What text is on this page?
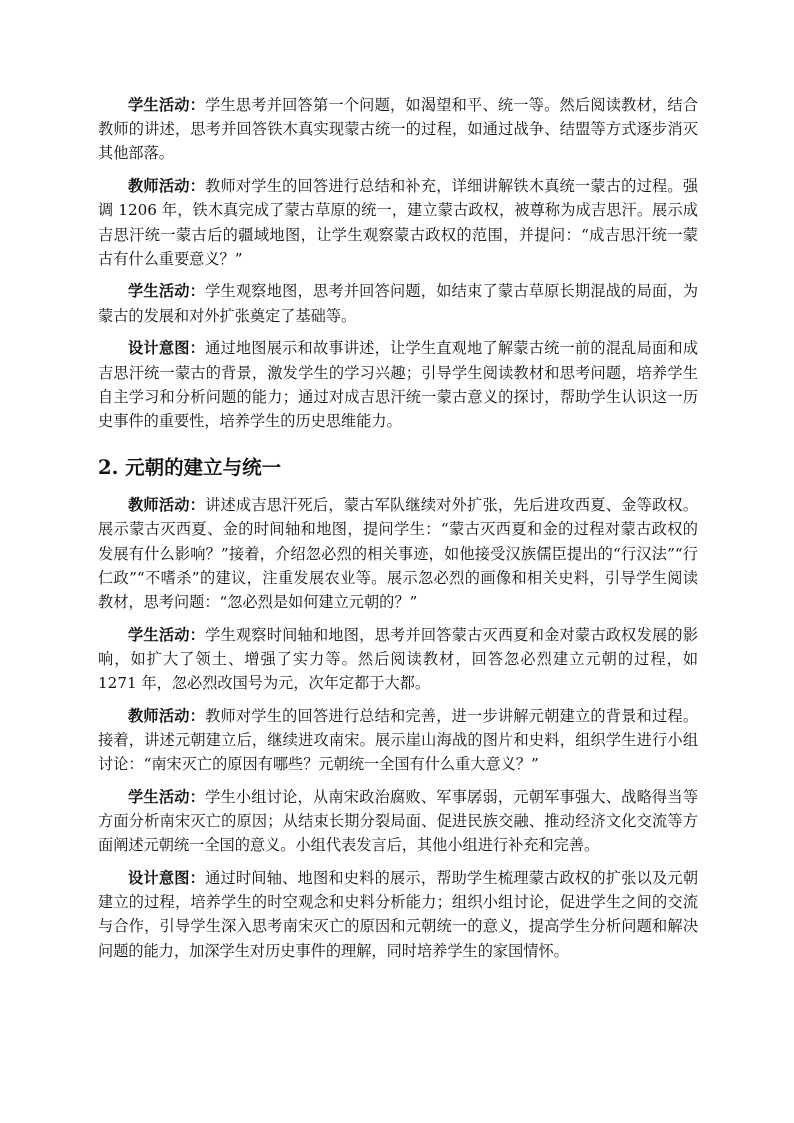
学生活动：学生思考并回答第一个问题，如渴望和平、统一等。然后阅读教材，结合教师的讲述，思考并回答铁木真实现蒙古统一的过程，如通过战争、结盟等方式逐步消灭其他部落。

教师活动：教师对学生的回答进行总结和补充，详细讲解铁木真统一蒙古的过程。强调 1206 年，铁木真完成了蒙古草原的统一，建立蒙古政权，被尊称为成吉思汗。展示成吉思汗统一蒙古后的疆域地图，让学生观察蒙古政权的范围，并提问：“成吉思汗统一蒙古有什么重要意义？”

学生活动：学生观察地图，思考并回答问题，如结束了蒙古草原长期混战的局面，为蒙古的发展和对外扩张奠定了基础等。

设计意图：通过地图展示和故事讲述，让学生直观地了解蒙古统一前的混乱局面和成吉思汗统一蒙古的背景，激发学生的学习兴趣；引导学生阅读教材和思考问题，培养学生自主学习和分析问题的能力；通过对成吉思汗统一蒙古意义的探讨，帮助学生认识这一历史事件的重要性，培养学生的历史思维能力。

2. 元朝的建立与统一

教师活动：讲述成吉思汗死后，蒙古军队继续对外扩张，先后进攻西夏、金等政权。展示蒙古灭西夏、金的时间轴和地图，提问学生：“蒙古灭西夏和金的过程对蒙古政权的发展有什么影响？”接着，介绍忽必烈的相关事迹，如他接受汉族儒臣提出的“行汉法”“行仁政”“不嗜杀”的建议，注重发展农业等。展示忽必烈的画像和相关史料，引导学生阅读教材，思考问题：“忽必烈是如何建立元朝的？”

学生活动：学生观察时间轴和地图，思考并回答蒙古灭西夏和金对蒙古政权发展的影响，如扩大了领土、增强了实力等。然后阅读教材，回答忽必烈建立元朝的过程，如 1271 年，忽必烈改国号为元，次年定都于大都。

教师活动：教师对学生的回答进行总结和完善，进一步讲解元朝建立的背景和过程。接着，讲述元朝建立后，继续进攻南宋。展示崖山海战的图片和史料，组织学生进行小组讨论：“南宋灭亡的原因有哪些？元朝统一全国有什么重大意义？”

学生活动：学生小组讨论，从南宋政治腐败、军事孱弱，元朝军事强大、战略得当等方面分析南宋灭亡的原因；从结束长期分裂局面、促进民族交融、推动经济文化交流等方面阐述元朝统一全国的意义。小组代表发言后，其他小组进行补充和完善。

设计意图：通过时间轴、地图和史料的展示，帮助学生梳理蒙古政权的扩张以及元朝建立的过程，培养学生的时空观念和史料分析能力；组织小组讨论，促进学生之间的交流与合作，引导学生深入思考南宋灭亡的原因和元朝统一的意义，提高学生分析问题和解决问题的能力，加深学生对历史事件的理解，同时培养学生的家国情怀。
